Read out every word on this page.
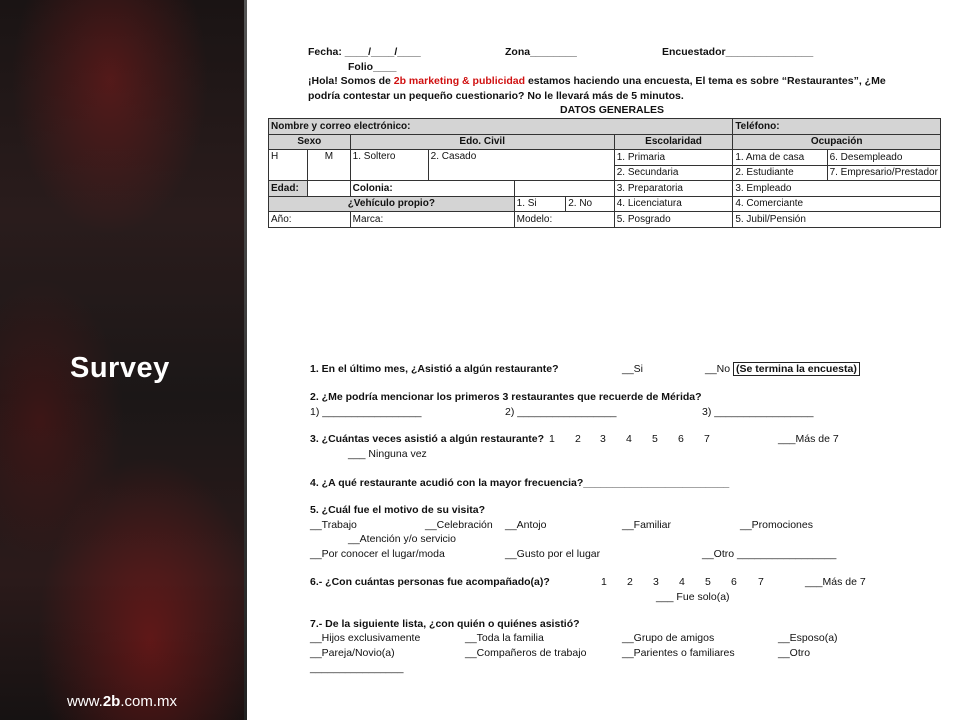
Survey
www.2b.com.mx
Fecha: ____/____/____	Zona________	Encuestador_______________
Folio____
¡Hola! Somos de 2b marketing & publicidad estamos haciendo una encuesta, El tema es sobre “Restaurantes”, ¿Me
podría contestar un pequeño cuestionario? No le llevará más de 5 minutos.
DATOS GENERALES
Nombre y correo electrónico:							Teléfono:	
Sexo		Edo. Civil				Escolaridad	Ocupación	
H	M	1. Soltero	2. Casado			1. Primaria	1. Ama de casa	6. Desempleado
						2. Secundaria	2. Estudiante	7. Empresario/Prestador
Edad:		Colonia:				3. Preparatoria	3. Empleado	
¿Vehículo propio?				1. Si	2. No	4. Licenciatura	4. Comerciante	
Año:		Marca:		Modelo:		5. Posgrado	5. Jubil/Pensión	
1. En el último mes, ¿Asistió a algún restaurante?	__Si	__No (Se termina la encuesta)
2. ¿Me podría mencionar los primeros 3 restaurantes que recuerde de Mérida?
1) _________________	2) _________________	3) _________________
3. ¿Cuántas veces asistió a algún restaurante? 1 2 3 4 5 6 7	___Más de 7
___ Ninguna vez
4. ¿A qué restaurante acudió con la mayor frecuencia?_________________________
5. ¿Cuál fue el motivo de su visita?
__Trabajo	__Celebración __Antojo	__Familiar	__Promociones
__Atención y/o servicio
__Por conocer el lugar/moda	__Gusto por el lugar	__Otro _________________
6.- ¿Con cuántas personas fue acompañado(a)?	1 2 3 4 5 6 7	___Más de 7
___ Fue solo(a)
7.- De la siguiente lista, ¿con quién o quiénes asistió?
__Hijos exclusivamente	__Toda la familia	__Grupo de amigos	__Esposo(a)
__Pareja/Novio(a)	__Compañeros de trabajo	__Parientes o familiares	__Otro
________________
